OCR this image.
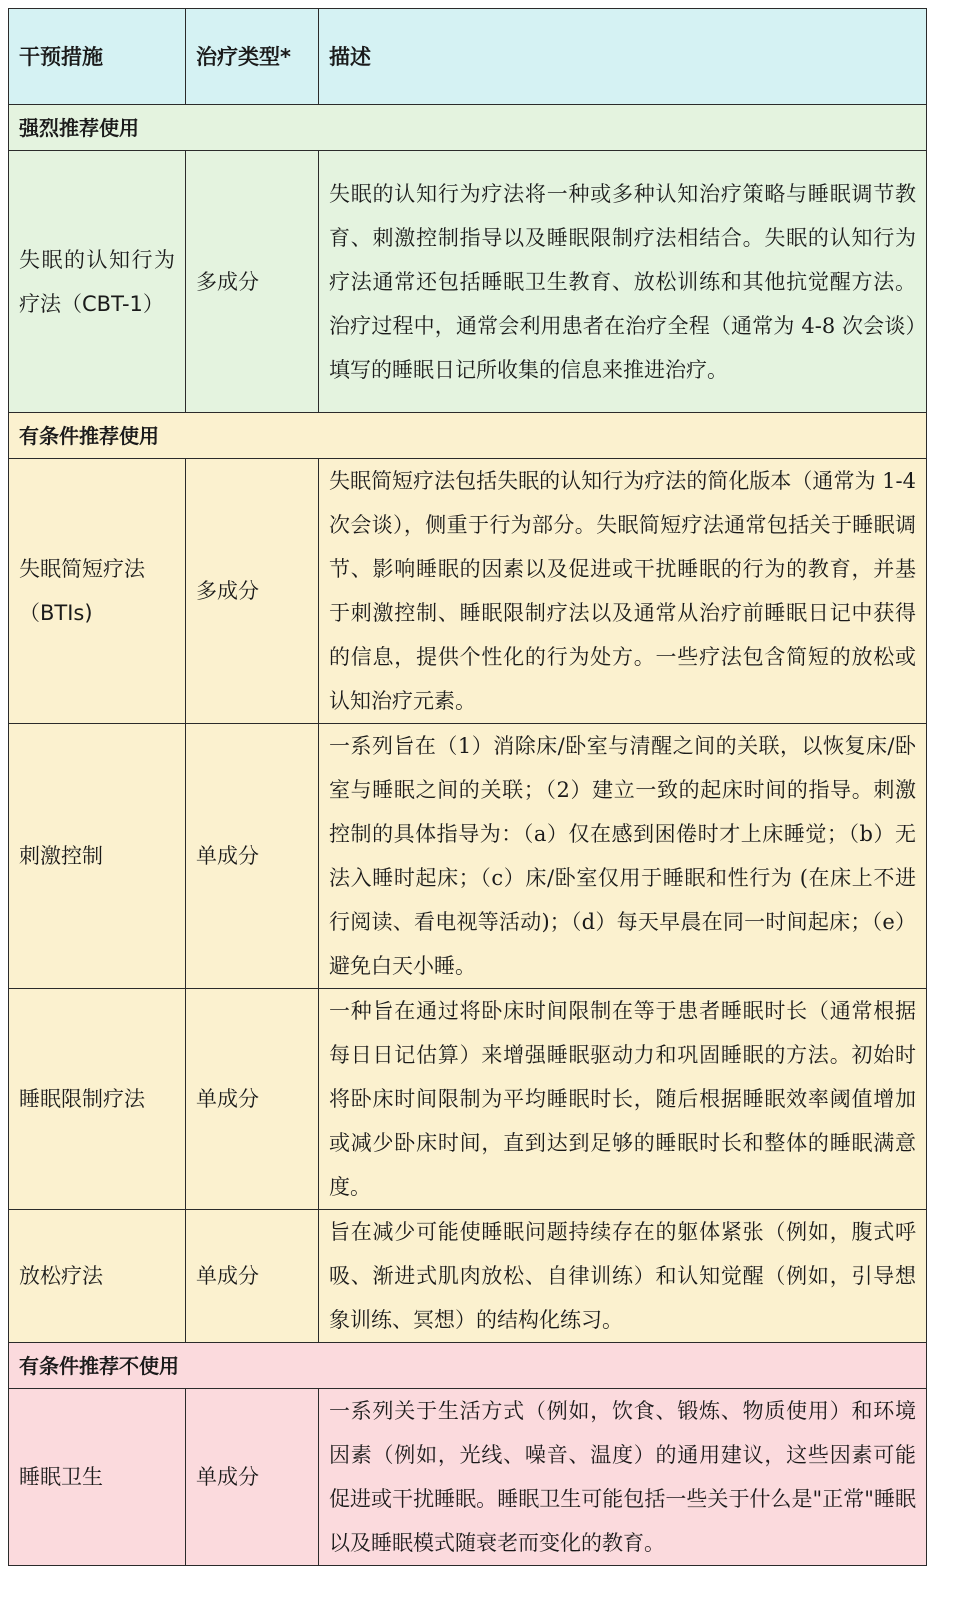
干预措施	治疗类型*	描述
强烈推荐使用		
失眠的认知行为疗法（CBT-1）	多成分	失眠的认知行为疗法将一种或多种认知治疗策略与睡眠调节教育、刺激控制指导以及睡眠限制疗法相结合。失眠的认知行为疗法通常还包括睡眠卫生教育、放松训练和其他抗觉醒方法。治疗过程中，通常会利用患者在治疗全程（通常为 4-8 次会谈）填写的睡眠日记所收集的信息来推进治疗。
有条件推荐使用		
失眠简短疗法（BTIs)	多成分	失眠简短疗法包括失眠的认知行为疗法的简化版本（通常为 1-4 次会谈），侧重于行为部分。失眠简短疗法通常包括关于睡眠调节、影响睡眠的因素以及促进或干扰睡眠的行为的教育，并基于刺激控制、睡眠限制疗法以及通常从治疗前睡眠日记中获得的信息，提供个性化的行为处方。一些疗法包含简短的放松或认知治疗元素。
刺激控制	单成分	一系列旨在（1）消除床/卧室与清醒之间的关联，以恢复床/卧室与睡眠之间的关联；（2）建立一致的起床时间的指导。刺激控制的具体指导为：（a）仅在感到困倦时才上床睡觉；（b）无法入睡时起床；（c）床/卧室仅用于睡眠和性行为 (在床上不进行阅读、看电视等活动)；（d）每天早晨在同一时间起床；（e）避免白天小睡。
睡眠限制疗法	单成分	一种旨在通过将卧床时间限制在等于患者睡眠时长（通常根据每日日记估算）来增强睡眠驱动力和巩固睡眠的方法。初始时将卧床时间限制为平均睡眠时长，随后根据睡眠效率阈值增加或减少卧床时间，直到达到足够的睡眠时长和整体的睡眠满意度。
放松疗法	单成分	旨在减少可能使睡眠问题持续存在的躯体紧张（例如，腹式呼吸、渐进式肌肉放松、自律训练）和认知觉醒（例如，引导想象训练、冥想）的结构化练习。
有条件推荐不使用		
睡眠卫生	单成分	一系列关于生活方式（例如，饮食、锻炼、物质使用）和环境因素（例如，光线、噪音、温度）的通用建议，这些因素可能促进或干扰睡眠。睡眠卫生可能包括一些关于什么是"正常"睡眠以及睡眠模式随衰老而变化的教育。
